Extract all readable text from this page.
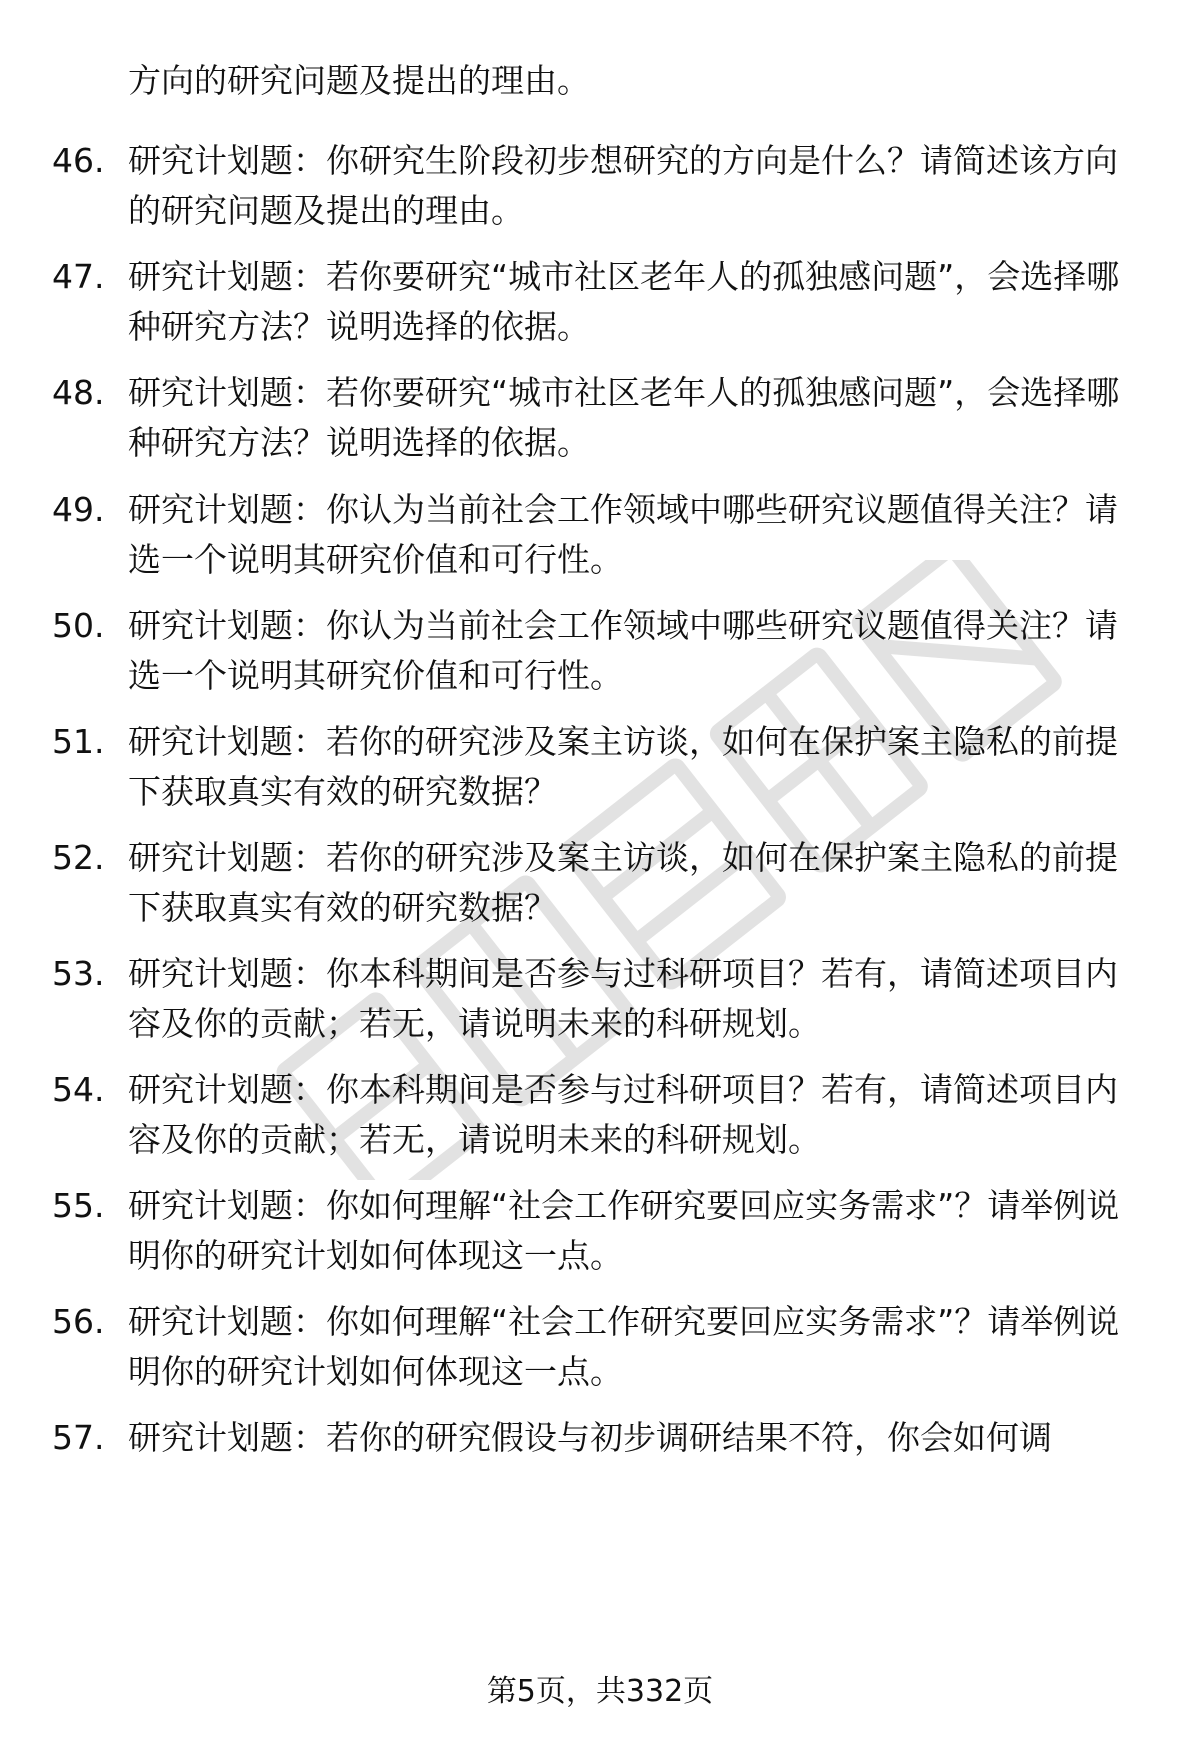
方向的研究问题及提出的理由。

46. 研究计划题：你研究生阶段初步想研究的方向是什么？请简述该方向的研究问题及提出的理由。

47. 研究计划题：若你要研究“城市社区老年人的孤独感问题”，会选择哪种研究方法？说明选择的依据。

48. 研究计划题：若你要研究“城市社区老年人的孤独感问题”，会选择哪种研究方法？说明选择的依据。

49. 研究计划题：你认为当前社会工作领域中哪些研究议题值得关注？请选一个说明其研究价值和可行性。

50. 研究计划题：你认为当前社会工作领域中哪些研究议题值得关注？请选一个说明其研究价值和可行性。

51. 研究计划题：若你的研究涉及案主访谈，如何在保护案主隐私的前提下获取真实有效的研究数据？

52. 研究计划题：若你的研究涉及案主访谈，如何在保护案主隐私的前提下获取真实有效的研究数据？

53. 研究计划题：你本科期间是否参与过科研项目？若有，请简述项目内容及你的贡献；若无，请说明未来的科研规划。

54. 研究计划题：你本科期间是否参与过科研项目？若有，请简述项目内容及你的贡献；若无，请说明未来的科研规划。

55. 研究计划题：你如何理解“社会工作研究要回应实务需求”？请举例说明你的研究计划如何体现这一点。

56. 研究计划题：你如何理解“社会工作研究要回应实务需求”？请举例说明你的研究计划如何体现这一点。

57. 研究计划题：若你的研究假设与初步调研结果不符，你会如何调

第5页，共332页
